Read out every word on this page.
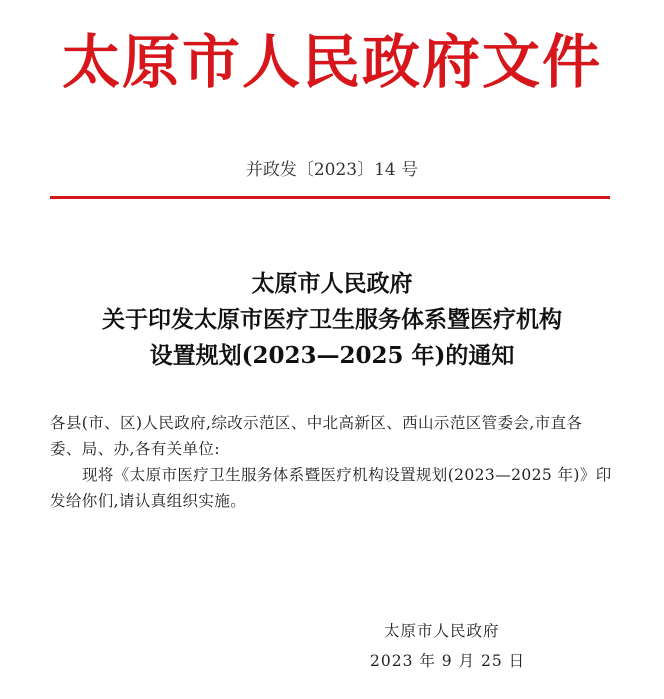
太原市人民政府文件
并政发〔2023〕14 号
太原市人民政府
关于印发太原市医疗卫生服务体系暨医疗机构
设置规划(2023—2025 年)的通知

各县(市、区)人民政府,综改示范区、中北高新区、西山示范区管委会,市直各委、局、办,各有关单位:

现将《太原市医疗卫生服务体系暨医疗机构设置规划(2023—2025 年)》印发给你们,请认真组织实施。

太原市人民政府
2023 年 9 月 25 日
